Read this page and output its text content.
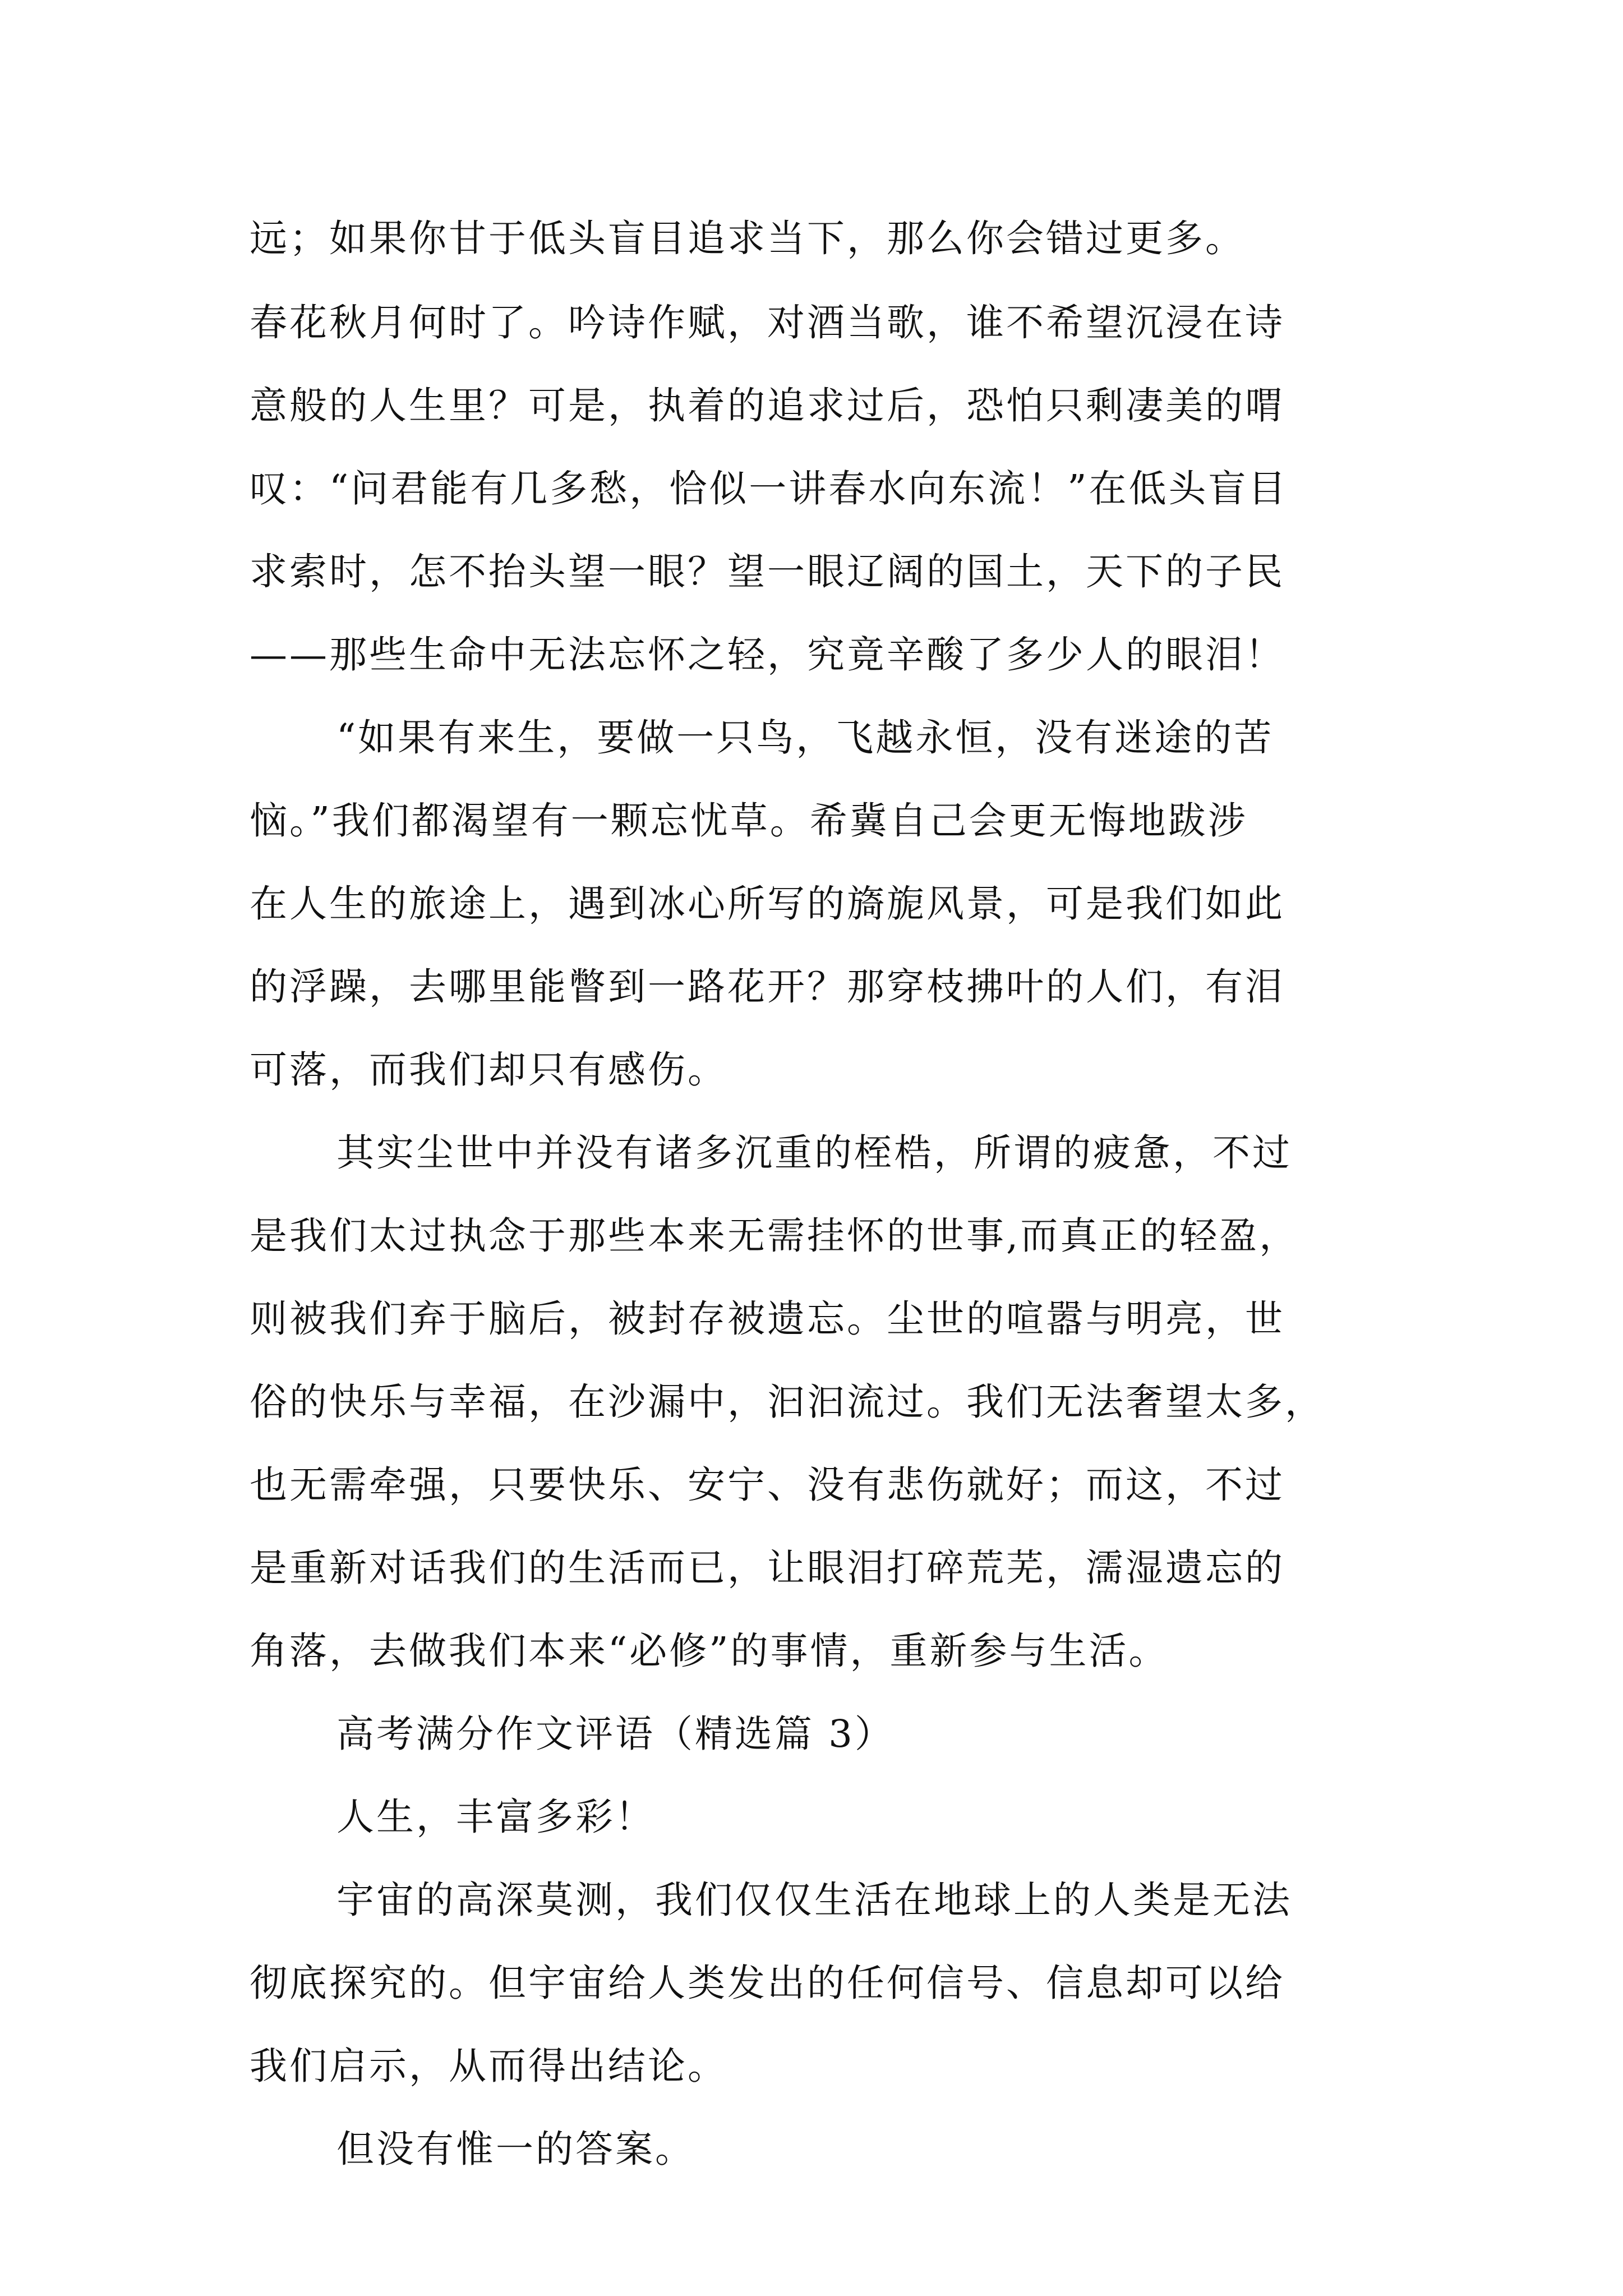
远；如果你甘于低头盲目追求当下，那么你会错过更多。
春花秋月何时了。吟诗作赋，对酒当歌，谁不希望沉浸在诗
意般的人生里？可是，执着的追求过后，恐怕只剩凄美的喟
叹：“问君能有几多愁，恰似一讲春水向东流！”在低头盲目
求索时，怎不抬头望一眼？望一眼辽阔的国土，天下的子民
——那些生命中无法忘怀之轻，究竟辛酸了多少人的眼泪！
“如果有来生，要做一只鸟，飞越永恒，没有迷途的苦
恼。”我们都渴望有一颗忘忧草。希冀自己会更无悔地跋涉
在人生的旅途上，遇到冰心所写的旖旎风景，可是我们如此
的浮躁，去哪里能瞥到一路花开？那穿枝拂叶的人们，有泪
可落，而我们却只有感伤。
其实尘世中并没有诸多沉重的桎梏，所谓的疲惫，不过
是我们太过执念于那些本来无需挂怀的世事,而真正的轻盈，
则被我们弃于脑后，被封存被遗忘。尘世的喧嚣与明亮，世
俗的快乐与幸福，在沙漏中，汩汩流过。我们无法奢望太多，
也无需牵强，只要快乐、安宁、没有悲伤就好；而这，不过
是重新对话我们的生活而已，让眼泪打碎荒芜，濡湿遗忘的
角落，去做我们本来“必修”的事情，重新参与生活。
高考满分作文评语（精选篇 3）
人生，丰富多彩！
宇宙的高深莫测，我们仅仅生活在地球上的人类是无法
彻底探究的。但宇宙给人类发出的任何信号、信息却可以给
我们启示，从而得出结论。
但没有惟一的答案。
